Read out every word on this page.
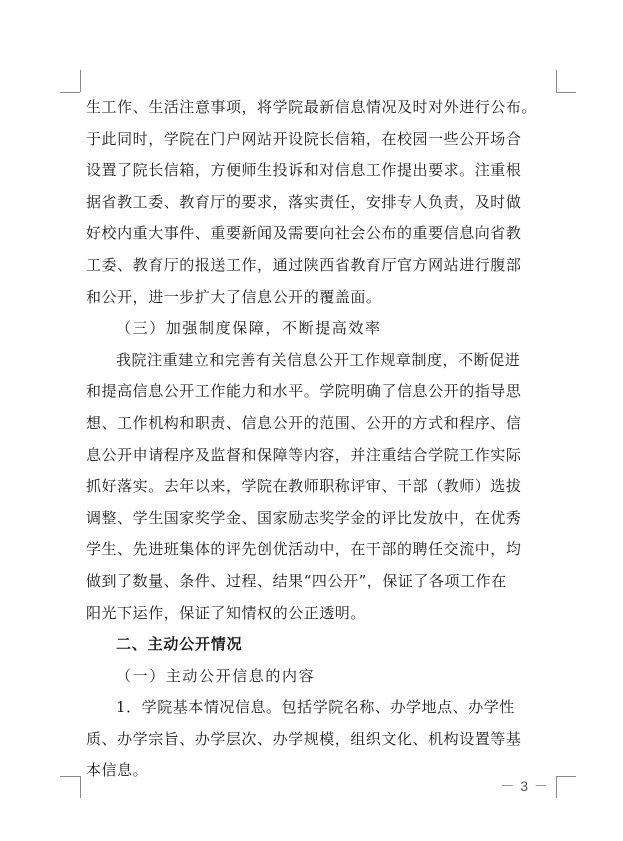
生工作、生活注意事项，将学院最新信息情况及时对外进行公布。
于此同时，学院在门户网站开设院长信箱，在校园一些公开场合
设置了院长信箱，方便师生投诉和对信息工作提出要求。注重根
据省教工委、教育厅的要求，落实责任，安排专人负责，及时做
好校内重大事件、重要新闻及需要向社会公布的重要信息向省教
工委、教育厅的报送工作，通过陕西省教育厅官方网站进行腹部
和公开，进一步扩大了信息公开的覆盖面。
（三）加强制度保障，不断提高效率
我院注重建立和完善有关信息公开工作规章制度，不断促进
和提高信息公开工作能力和水平。学院明确了信息公开的指导思
想、工作机构和职责、信息公开的范围、公开的方式和程序、信
息公开申请程序及监督和保障等内容，并注重结合学院工作实际
抓好落实。去年以来，学院在教师职称评审、干部（教师）选拔
调整、学生国家奖学金、国家励志奖学金的评比发放中，在优秀
学生、先进班集体的评先创优活动中，在干部的聘任交流中，均
做到了数量、条件、过程、结果“四公开”，保证了各项工作在
阳光下运作，保证了知情权的公正透明。
二、主动公开情况
（一）主动公开信息的内容
1．学院基本情况信息。包括学院名称、办学地点、办学性
质、办学宗旨、办学层次、办学规模，组织文化、机构设置等基
本信息。
－ 3 －
